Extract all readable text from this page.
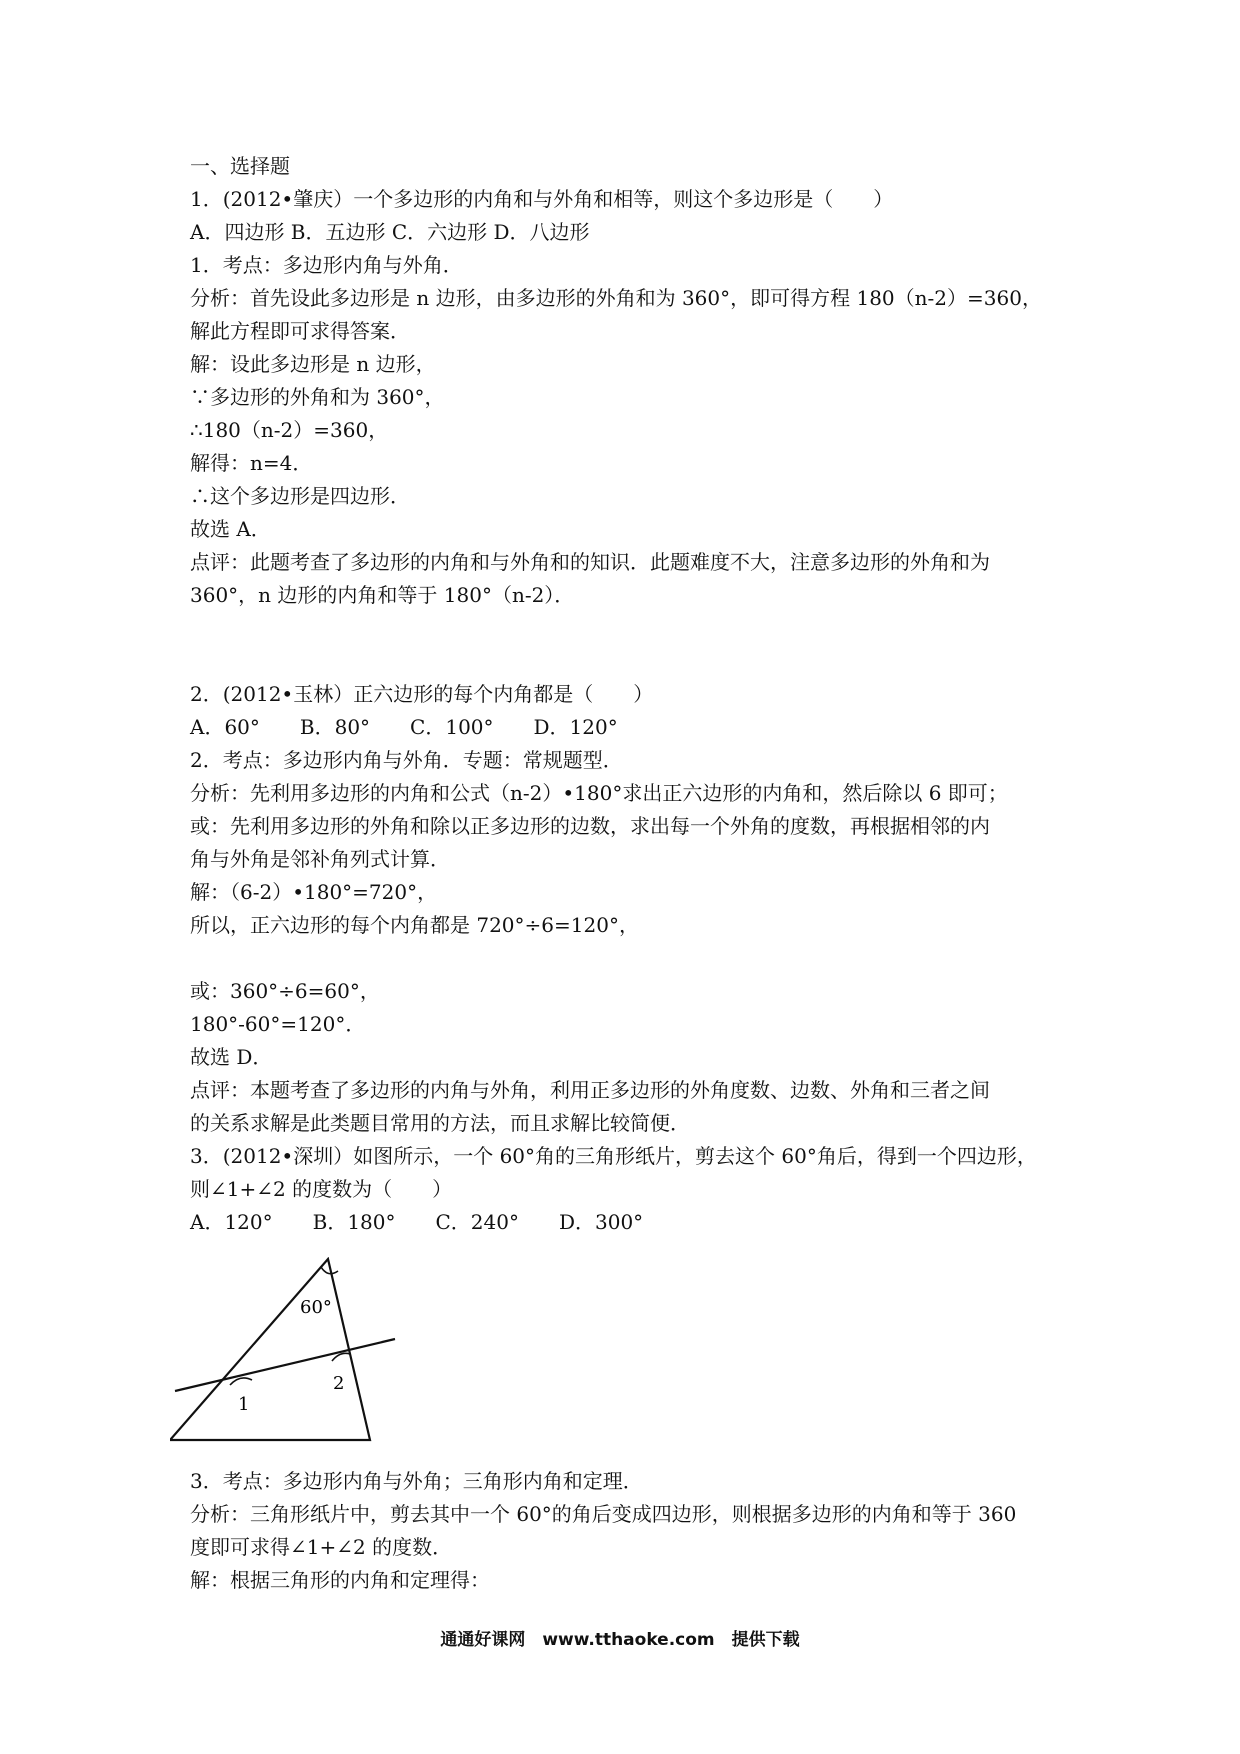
一、选择题
1．(2012•肇庆）一个多边形的内角和与外角和相等，则这个多边形是（　　）
A．四边形 B．五边形 C．六边形 D．八边形
1．考点：多边形内角与外角．
分析：首先设此多边形是 n 边形，由多边形的外角和为 360°，即可得方程 180（n-2）=360，
解此方程即可求得答案．
解：设此多边形是 n 边形，
∵多边形的外角和为 360°，
∴180（n-2）=360，
解得：n=4．
∴这个多边形是四边形．
故选 A．
点评：此题考查了多边形的内角和与外角和的知识．此题难度不大，注意多边形的外角和为
360°，n 边形的内角和等于 180°（n-2）．
2．(2012•玉林）正六边形的每个内角都是（　　）
A．60°　　B．80°　　C．100°　　D．120°
2．考点：多边形内角与外角．专题：常规题型．
分析：先利用多边形的内角和公式（n-2）•180°求出正六边形的内角和，然后除以 6 即可；
或：先利用多边形的外角和除以正多边形的边数，求出每一个外角的度数，再根据相邻的内
角与外角是邻补角列式计算．
解：（6-2）•180°=720°，
所以，正六边形的每个内角都是 720°÷6=120°，
或：360°÷6=60°，
180°-60°=120°．
故选 D．
点评：本题考查了多边形的内角与外角，利用正多边形的外角度数、边数、外角和三者之间
的关系求解是此类题目常用的方法，而且求解比较简便．
3．(2012•深圳）如图所示，一个 60°角的三角形纸片，剪去这个 60°角后，得到一个四边形，
则∠1+∠2 的度数为（　　）
A．120°　　B．180°　　C．240°　　D．300°
60°
1
2
3．考点：多边形内角与外角；三角形内角和定理．
分析：三角形纸片中，剪去其中一个 60°的角后变成四边形，则根据多边形的内角和等于 360
度即可求得∠1+∠2 的度数．
解：根据三角形的内角和定理得：
通通好课网　www.tthaoke.com　提供下载
